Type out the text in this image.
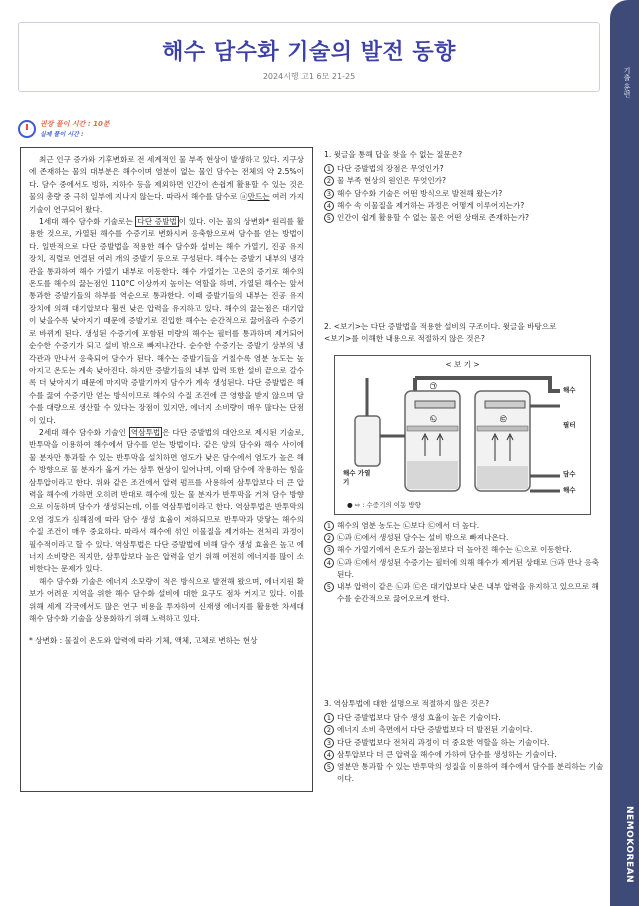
기출 훈련
NEMOKOREAN
해수 담수화 기술의 발전 동향
2024시행 고1 6모 21-25
권장 풀이 시간 : 10분
실제 풀이 시간 :

최근 인구 증가와 기후변화로 전 세계적인 물 부족 현상이 발생하고 있다. 지구상에 존재하는 물의 대부분은 해수이며 염분이 없는 물인 담수는 전체의 약 2.5%이다. 담수 중에서도 빙하, 지하수 등을 제외하면 인간이 손쉽게 활용할 수 있는 것은 물의 총량 중 극히 일부에 지나지 않는다. 따라서 해수를 담수로 ⓐ만드는 여러 가지 기술이 연구되어 왔다.

1세대 해수 담수화 기술로는 다단 증발법 이 있다. 이는 물의 상변화* 원리를 활용한 것으로, 가열된 해수를 수증기로 변화시켜 응축함으로써 담수를 얻는 방법이다. 일반적으로 다단 증발법을 적용한 해수 담수화 설비는 해수 가열기, 진공 유지 장치, 직렬로 연결된 여러 개의 증발기 등으로 구성된다. 해수는 증발기 내부의 냉각관을 통과하여 해수 가열기 내부로 이동한다. 해수 가열기는 고온의 증기로 해수의 온도를 해수의 끓는점인 110°C 이상까지 높이는 역할을 하며, 가열된 해수는 앞서 통과한 증발기들의 하부를 역순으로 통과한다. 이때 증발기들의 내부는 진공 유지 장치에 의해 대기압보다 훨씬 낮은 압력을 유지하고 있다. 해수의 끓는점은 대기압이 낮을수록 낮아지기 때문에 증발기로 진입한 해수는 순간적으로 끓어올라 수증기로 바뀌게 된다. 생성된 수증기에 포함된 미량의 해수는 필터를 통과하며 제거되어 순수한 수증기가 되고 설비 밖으로 빠져나간다. 순수한 수증기는 증발기 상부의 냉각관과 만나서 응축되어 담수가 된다. 해수는 증발기들을 거칠수록 염분 농도는 높아지고 온도는 계속 낮아진다. 하지만 증발기들의 내부 압력 또한 설비 끝으로 갈수록 더 낮아지기 때문에 마지막 증발기까지 담수가 계속 생성된다. 다단 증발법은 해수를 끓여 수증기만 얻는 방식이므로 해수의 수질 조건에 큰 영향을 받지 않으며 담수를 대량으로 생산할 수 있다는 장점이 있지만, 에너지 소비량이 매우 많다는 단점이 있다.

2세대 해수 담수화 기술인 역삼투법 은 다단 증발법의 대안으로 제시된 기술로, 반투막을 이용하여 해수에서 담수를 얻는 방법이다. 같은 양의 담수와 해수 사이에 물 분자만 통과할 수 있는 반투막을 설치하면 염도가 낮은 담수에서 염도가 높은 해수 방향으로 물 분자가 옮겨 가는 삼투 현상이 일어나며, 이때 담수에 작용하는 힘을 삼투압이라고 한다. 위와 같은 조건에서 압력 펌프를 사용하여 삼투압보다 더 큰 압력을 해수에 가하면 오히려 반대로 해수에 있는 물 분자가 반투막을 거쳐 담수 방향으로 이동하며 담수가 생성되는데, 이를 역삼투법이라고 한다. 역삼투법은 반투막의 오염 정도가 심해짐에 따라 담수 생성 효율이 저하되므로 반투막과 맞닿는 해수의 수질 조건이 매우 중요하다. 따라서 해수에 섞인 이물질을 제거하는 전처리 과정이 필수적이라고 할 수 있다. 역삼투법은 다단 증발법에 비해 담수 생성 효율은 높고 에너지 소비량은 적지만, 삼투압보다 높은 압력을 얻기 위해 여전히 에너지를 많이 소비한다는 문제가 있다.

해수 담수화 기술은 에너지 소모량이 적은 방식으로 발전해 왔으며, 에너지원 확보가 어려운 지역을 위한 해수 담수화 설비에 대한 요구도 점차 커지고 있다. 이를 위해 세계 각국에서도 많은 연구 비용을 투자하여 신재생 에너지를 활용한 차세대 해수 담수화 기술을 상용화하기 위해 노력하고 있다.

* 상변화 : 물질이 온도와 압력에 따라 기체, 액체, 고체로 변하는 현상

1. 윗글을 통해 답을 찾을 수 없는 질문은?
1 다단 증발법의 장점은 무엇인가?
2 물 부족 현상의 원인은 무엇인가?
3 해수 담수화 기술은 어떤 방식으로 발전해 왔는가?
4 해수 속 이물질을 제거하는 과정은 어떻게 이루어지는가?
5 인간이 쉽게 활용할 수 없는 물은 어떤 상태로 존재하는가?
2. <보기>는 다단 증발법을 적용한 설비의 구조이다. 윗글을 바탕으로
<보기>를 이해한 내용으로 적절하지 않은 것은?
< 보 기 >
해수
필터
담수
해수
해수 가열기
㉠
㉡	㉢
● ⇨ : 수증기의 이동 방향
1 해수의 염분 농도는 ㉡보다 ㉢에서 더 높다.
2 ㉡과 ㉢에서 생성된 담수는 설비 밖으로 빠져나온다.
3 해수 가열기에서 온도가 끓는점보다 더 높아진 해수는 ㉡으로 이동한다.
4 ㉡과 ㉢에서 생성된 수증기는 필터에 의해 해수가 제거된 상태로 ㉠과 만나 응축된다.
5 내부 압력이 같은 ㉡과 ㉢은 대기압보다 낮은 내부 압력을 유지하고 있으므로 해수를 순간적으로 끓어오르게 한다.
3. 역삼투법에 대한 설명으로 적절하지 않은 것은?
1 다단 증발법보다 담수 생성 효율이 높은 기술이다.
2 에너지 소비 측면에서 다단 증발법보다 더 발전된 기술이다.
3 다단 증발법보다 전처리 과정이 더 중요한 역할을 하는 기술이다.
4 삼투압보다 더 큰 압력을 해수에 가하여 담수를 생성하는 기술이다.
5 염분만 통과할 수 있는 반투막의 성질을 이용하여 해수에서 담수를 분리하는 기술이다.
